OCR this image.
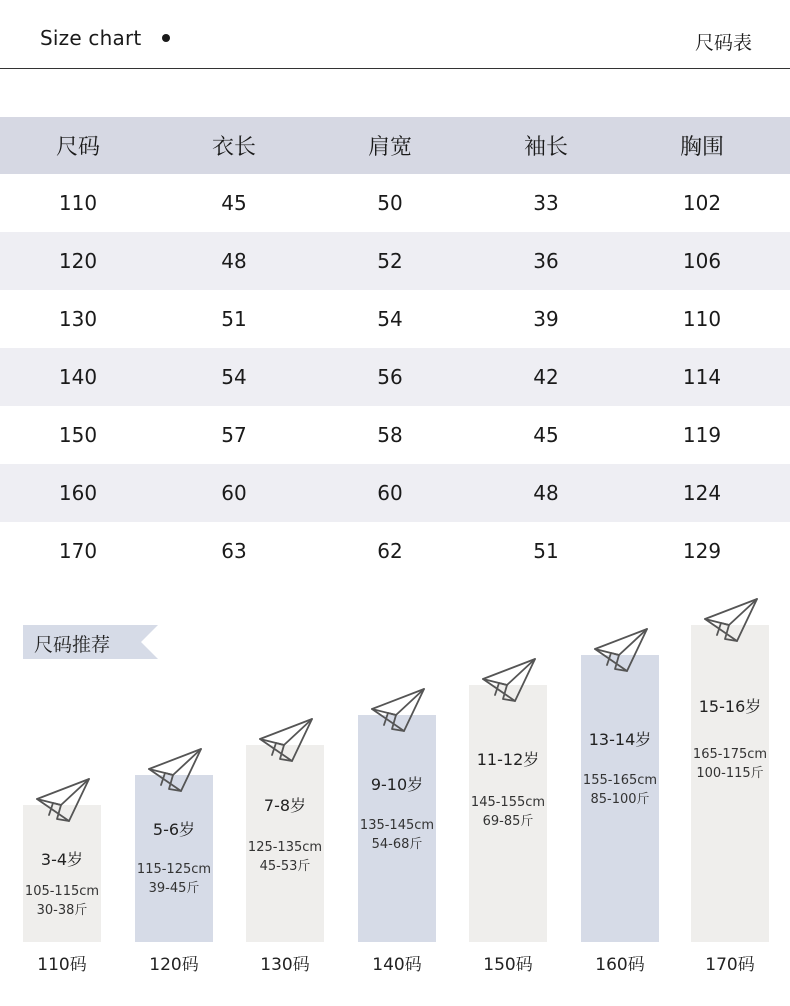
Size chart	尺码表
尺码	衣长	肩宽	袖长	胸围
110	45	50	33	102
120	48	52	36	106
130	51	54	39	110
140	54	56	42	114
150	57	58	45	119
160	60	60	48	124
170	63	62	51	129
尺码推荐
3-4岁
105-115cm
30-38斤
110码
5-6岁
115-125cm
39-45斤
120码
7-8岁
125-135cm
45-53斤
130码
9-10岁
135-145cm
54-68斤
140码
11-12岁
145-155cm
69-85斤
150码
13-14岁
155-165cm
85-100斤
160码
15-16岁
165-175cm
100-115斤
170码
